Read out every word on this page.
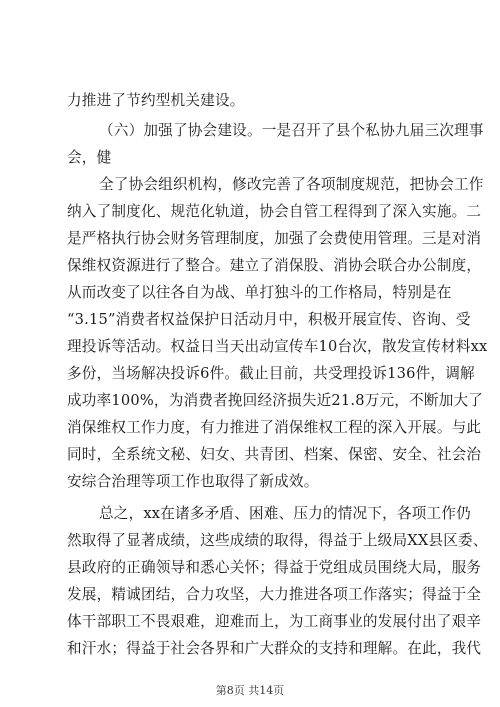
力推进了节约型机关建设。
（六）加强了协会建设。一是召开了县个私协九届三次理事
会，健
全了协会组织机构，修改完善了各项制度规范，把协会工作
纳入了制度化、规范化轨道，协会自管工程得到了深入实施。二
是严格执行协会财务管理制度，加强了会费使用管理。三是对消
保维权资源进行了整合。建立了消保股、消协会联合办公制度，
从而改变了以往各自为战、单打独斗的工作格局，特别是在
“3.15”消费者权益保护日活动月中，积极开展宣传、咨询、受
理投诉等活动。权益日当天出动宣传车10台次，散发宣传材料xx
多份，当场解决投诉6件。截止目前，共受理投诉136件，调解
成功率100%，为消费者挽回经济损失近21.8万元，不断加大了
消保维权工作力度，有力推进了消保维权工程的深入开展。与此
同时，全系统文秘、妇女、共青团、档案、保密、安全、社会治
安综合治理等项工作也取得了新成效。
总之，xx在诸多矛盾、困难、压力的情况下，各项工作仍
然取得了显著成绩，这些成绩的取得，得益于上级局XX县区委、
县政府的正确领导和悉心关怀；得益于党组成员围绕大局，服务
发展，精诚团结，合力攻坚，大力推进各项工作落实；得益于全
体干部职工不畏艰难，迎难而上，为工商事业的发展付出了艰辛
和汗水；得益于社会各界和广大群众的支持和理解。在此，我代
第8页 共14页
